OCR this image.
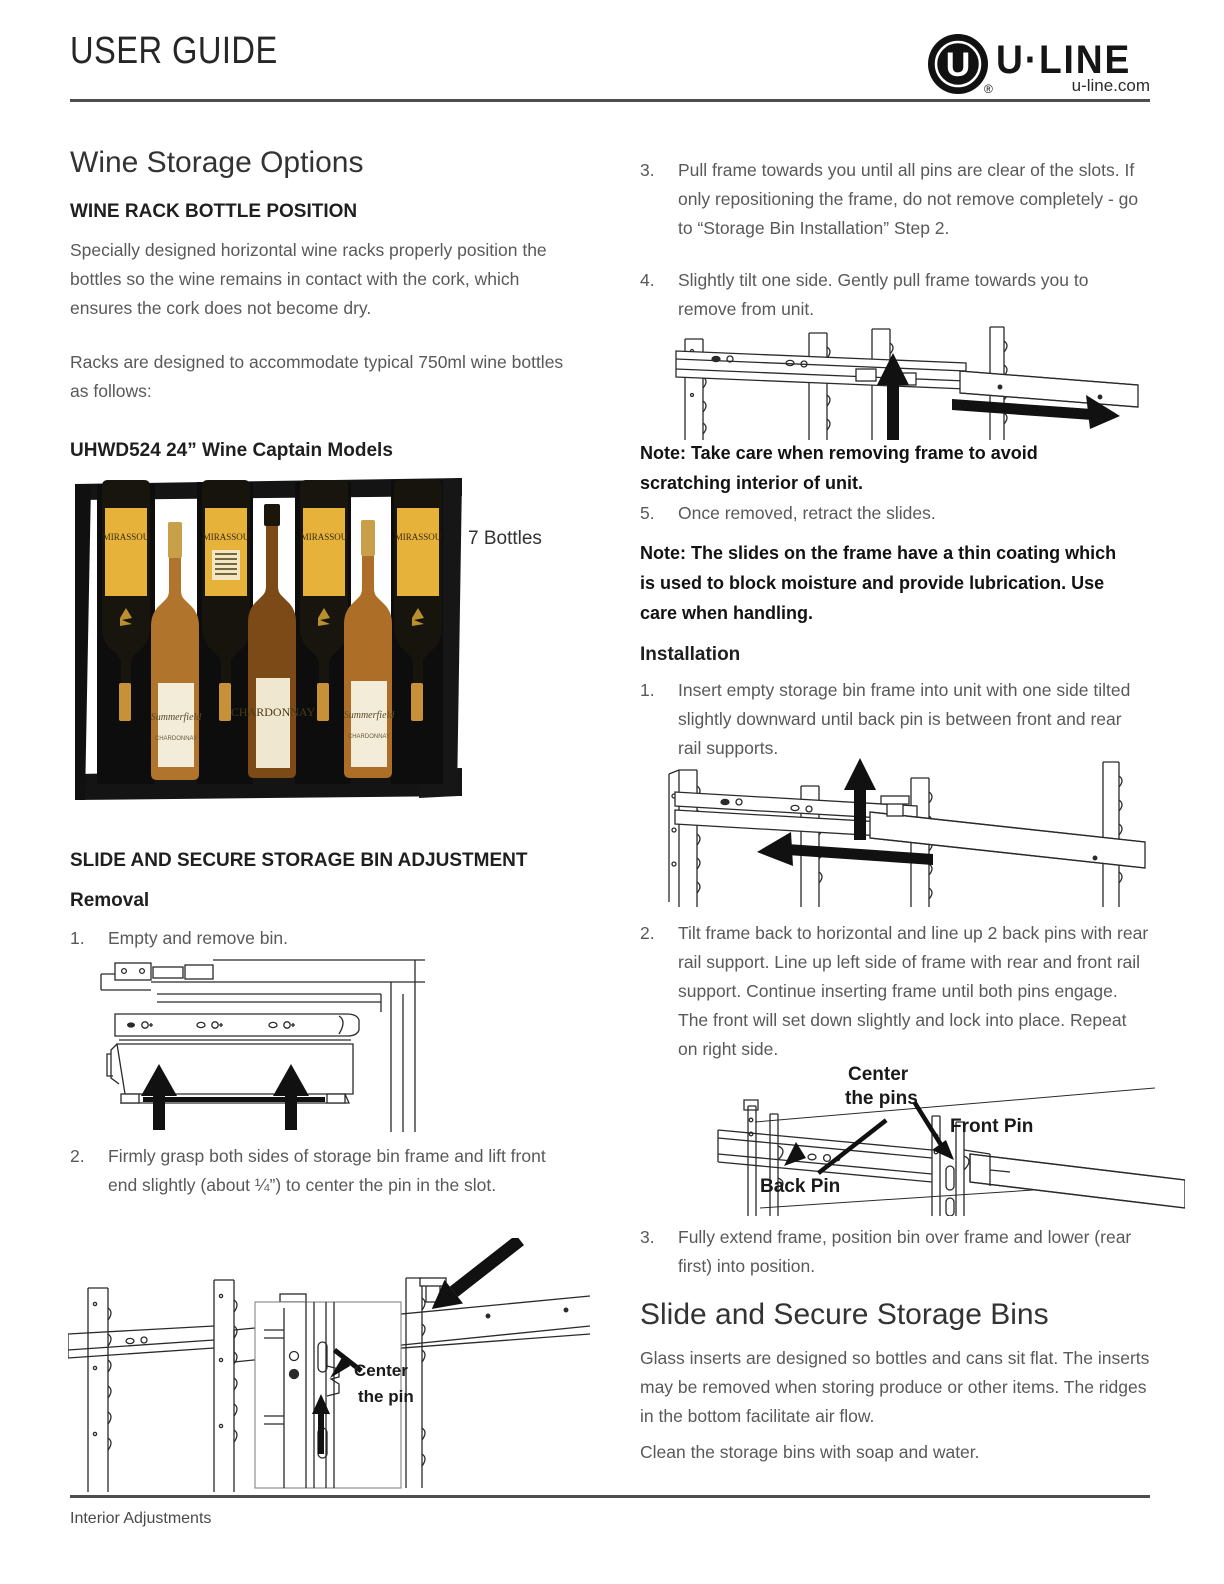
USER GUIDE	U U·LINE
®	u-line.com
Wine Storage Options
WINE RACK BOTTLE POSITION

Specially designed horizontal wine racks properly position the bottles so the wine remains in contact with the cork, which ensures the cork does not become dry.

Racks are designed to accommodate typical 750ml wine bottles as follows:

UHWD524 24” Wine Captain Models
MIRASSOU	MIRASSOU	MIRASSOU	MIRASSOU
Summerfield
CHARDONNAY
CHARDONNAY	Summerfield
CHARDONNAY
7 Bottles
SLIDE AND SECURE STORAGE BIN ADJUSTMENT
Removal
1.	Empty and remove bin.
2.	Firmly grasp both sides of storage bin frame and lift front end slightly (about ¼”) to center the pin in the slot.
Center
the pin
3.	Pull frame towards you until all pins are clear of the slots. If only repositioning the frame, do not remove completely - go to “Storage Bin Installation” Step 2.
4.	Slightly tilt one side. Gently pull frame towards you to remove from unit.

Note: Take care when removing frame to avoid scratching interior of unit.

5.	Once removed, retract the slides.

Note: The slides on the frame have a thin coating which is used to block moisture and provide lubrication. Use care when handling.

Installation
1.	Insert empty storage bin frame into unit with one side tilted slightly downward until back pin is between front and rear rail supports.
2.	Tilt frame back to horizontal and line up 2 back pins with rear rail support. Line up left side of frame with rear and front rail support. Continue inserting frame until both pins engage. The front will set down slightly and lock into place. Repeat on right side.
Center
the pins
Front Pin
Back Pin
3.	Fully extend frame, position bin over frame and lower (rear first) into position.
Slide and Secure Storage Bins

Glass inserts are designed so bottles and cans sit flat. The inserts may be removed when storing produce or other items. The ridges in the bottom facilitate air flow.

Clean the storage bins with soap and water.

Interior Adjustments
